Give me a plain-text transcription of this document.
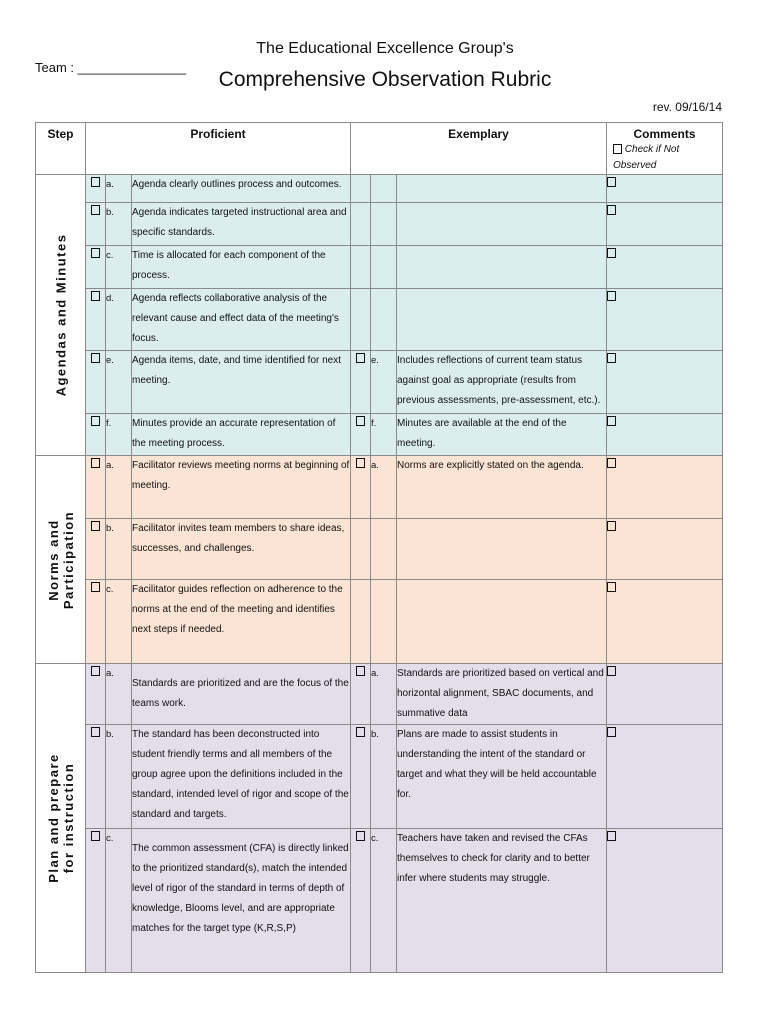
Team : _______________
The Educational Excellence Group's
Comprehensive Observation Rubric
rev. 09/16/14
Step	Proficient			Exemplary			Comments
Check if Not Observed

Agendas and Minutes		a.	Agenda clearly outlines process and outcomes.				
		b.	Agenda indicates targeted instructional area and specific standards.				
		c.	Time is allocated for each component of the process.				
		d.	Agenda reflects collaborative analysis of the relevant cause and effect data of the meeting's focus.				
		e.	Agenda items, date, and time identified for next meeting.		e.	Includes reflections of current team status against goal as appropriate (results from previous assessments, pre-assessment, etc.).	
		f.	Minutes provide an accurate representation of the meeting process.		f.	Minutes are available at the end of the meeting.	

Norms and
Participation		a.	Facilitator reviews meeting norms at beginning of meeting.		a.	Norms are explicitly stated on the agenda.	
		b.	Facilitator invites team members to share ideas, successes, and challenges.				
		c.	Facilitator guides reflection on adherence to the norms at the end of the meeting and identifies next steps if needed.				

Plan and prepare
for instruction		a.	Standards are prioritized and are the focus of the teams work.		a.	Standards are prioritized based on vertical and horizontal alignment, SBAC documents, and summative data	
		b.	The standard has been deconstructed into student friendly terms and all members of the group agree upon the definitions included in the standard, intended level of rigor and scope of the standard and targets.		b.	Plans are made to assist students in understanding the intent of the standard or target and what they will be held accountable for.	
		c.	The common assessment (CFA) is directly linked to the prioritized standard(s), match the intended level of rigor of the standard in terms of depth of knowledge, Blooms level, and are appropriate matches for the target type (K,R,S,P)		c.	Teachers have taken and revised the CFAs themselves to check for clarity and to better infer where students may struggle.	
